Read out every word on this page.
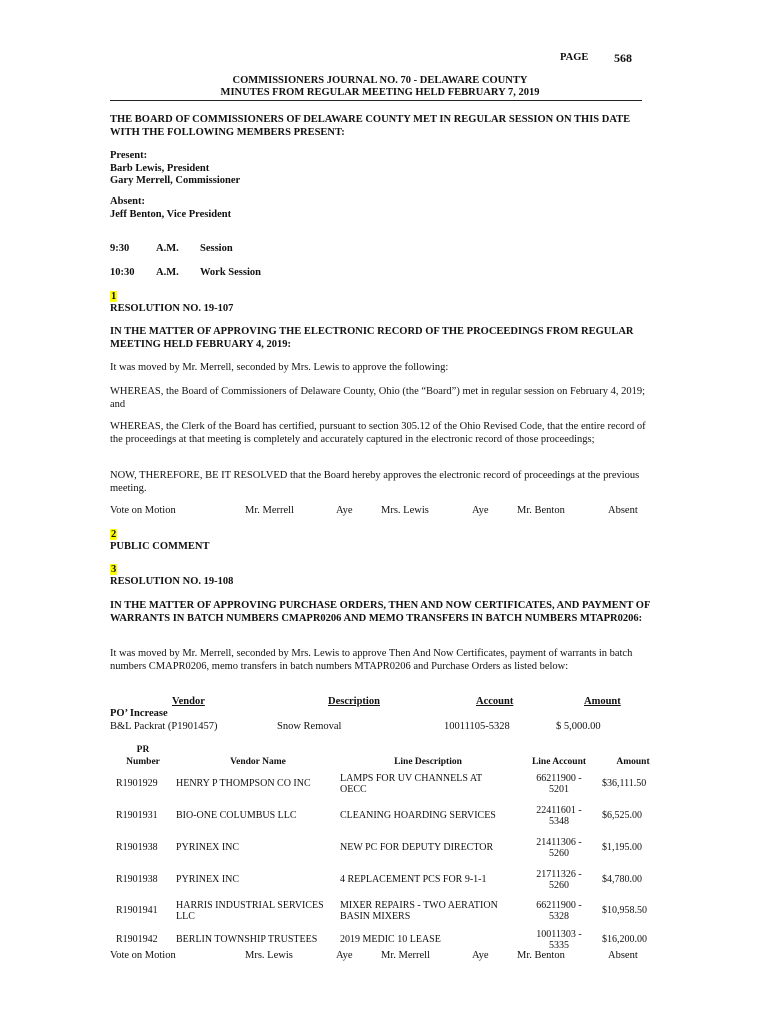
PAGE 568
COMMISSIONERS JOURNAL NO. 70 - DELAWARE COUNTY
MINUTES FROM REGULAR MEETING HELD FEBRUARY 7, 2019
THE BOARD OF COMMISSIONERS OF DELAWARE COUNTY MET IN REGULAR SESSION ON THIS DATE WITH THE FOLLOWING MEMBERS PRESENT:
Present:
Barb Lewis, President
Gary Merrell, Commissioner
Absent:
Jeff Benton, Vice President
9:30	A.M. Session
10:30 A.M. Work Session
1
RESOLUTION NO. 19-107
IN THE MATTER OF APPROVING THE ELECTRONIC RECORD OF THE PROCEEDINGS FROM REGULAR MEETING HELD FEBRUARY 4, 2019:
It was moved by Mr. Merrell, seconded by Mrs. Lewis to approve the following:
WHEREAS, the Board of Commissioners of Delaware County, Ohio (the “Board”) met in regular session on February 4, 2019; and
WHEREAS, the Clerk of the Board has certified, pursuant to section 305.12 of the Ohio Revised Code, that the entire record of the proceedings at that meeting is completely and accurately captured in the electronic record of those proceedings;
NOW, THEREFORE, BE IT RESOLVED that the Board hereby approves the electronic record of proceedings at the previous meeting.
Vote on Motion	Mr. Merrell	Aye	Mrs. Lewis	Aye	Mr. Benton	Absent
2
PUBLIC COMMENT
3
RESOLUTION NO. 19-108
IN THE MATTER OF APPROVING PURCHASE ORDERS, THEN AND NOW CERTIFICATES, AND PAYMENT OF WARRANTS IN BATCH NUMBERS CMAPR0206 AND MEMO TRANSFERS IN BATCH NUMBERS MTAPR0206:
It was moved by Mr. Merrell, seconded by Mrs. Lewis to approve Then And Now Certificates, payment of warrants in batch numbers CMAPR0206, memo transfers in batch numbers MTAPR0206 and Purchase Orders as listed below:
Vendor	Description	Account	Amount
PO’ Increase
B&L Packrat (P1901457)	Snow Removal	10011105-5328	$ 5,000.00
PR
Number	Vendor Name	Line Description	Line Account	Amount
R1901929	HENRY P THOMPSON CO INC	LAMPS FOR UV CHANNELS AT OECC	66211900 -
5201	$36,111.50
R1901931	BIO-ONE COLUMBUS LLC	CLEANING HOARDING SERVICES	22411601 -
5348	$6,525.00
R1901938	PYRINEX INC	NEW PC FOR DEPUTY DIRECTOR	21411306 -
5260	$1,195.00
R1901938	PYRINEX INC	4 REPLACEMENT PCS FOR 9-1-1	21711326 -
5260	$4,780.00
R1901941	HARRIS INDUSTRIAL SERVICES LLC	MIXER REPAIRS - TWO AERATION BASIN MIXERS	66211900 -
5328	$10,958.50
R1901942	BERLIN TOWNSHIP TRUSTEES	2019 MEDIC 10 LEASE	10011303 -
5335	$16,200.00
Vote on Motion	Mrs. Lewis	Aye	Mr. Merrell	Aye	Mr. Benton	Absent
